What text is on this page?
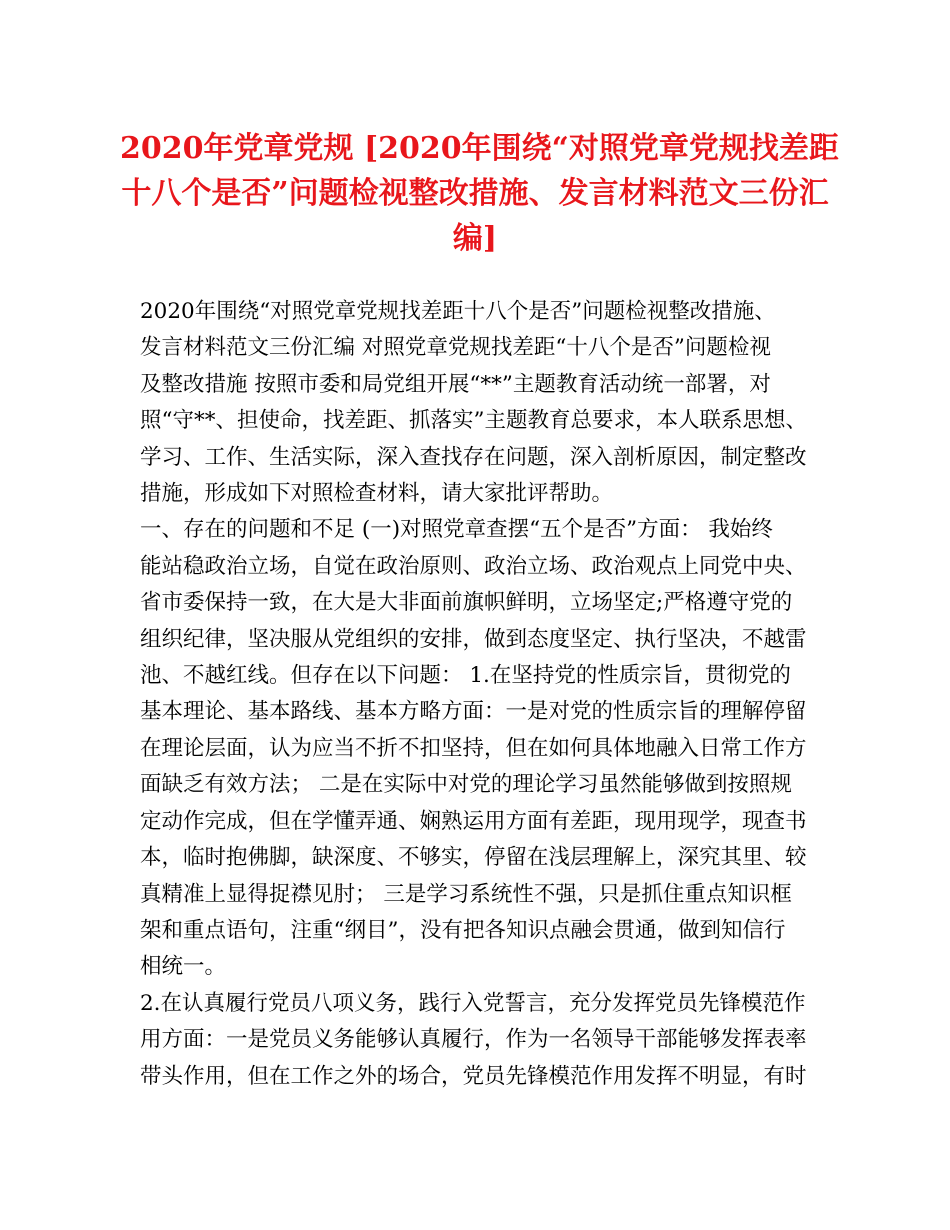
2020年党章党规 [2020年围绕“对照党章党规找差距
十八个是否”问题检视整改措施、发言材料范文三份汇
编]
2020年围绕“对照党章党规找差距十八个是否”问题检视整改措施、
发言材料范文三份汇编 对照党章党规找差距“十八个是否”问题检视
及整改措施 按照市委和局党组开展“**”主题教育活动统一部署，对
照“守**、担使命，找差距、抓落实”主题教育总要求，本人联系思想、
学习、工作、生活实际，深入查找存在问题，深入剖析原因，制定整改
措施，形成如下对照检查材料，请大家批评帮助。
一、存在的问题和不足 (一)对照党章查摆“五个是否”方面： 我始终
能站稳政治立场，自觉在政治原则、政治立场、政治观点上同党中央、
省市委保持一致，在大是大非面前旗帜鲜明，立场坚定;严格遵守党的
组织纪律，坚决服从党组织的安排，做到态度坚定、执行坚决，不越雷
池、不越红线。但存在以下问题： 1.在坚持党的性质宗旨，贯彻党的
基本理论、基本路线、基本方略方面：一是对党的性质宗旨的理解停留
在理论层面，认为应当不折不扣坚持，但在如何具体地融入日常工作方
面缺乏有效方法； 二是在实际中对党的理论学习虽然能够做到按照规
定动作完成，但在学懂弄通、娴熟运用方面有差距，现用现学，现查书
本，临时抱佛脚，缺深度、不够实，停留在浅层理解上，深究其里、较
真精准上显得捉襟见肘； 三是学习系统性不强，只是抓住重点知识框
架和重点语句，注重“纲目”，没有把各知识点融会贯通，做到知信行
相统一。
2.在认真履行党员八项义务，践行入党誓言，充分发挥党员先锋模范作
用方面：一是党员义务能够认真履行，作为一名领导干部能够发挥表率
带头作用，但在工作之外的场合，党员先锋模范作用发挥不明显，有时
